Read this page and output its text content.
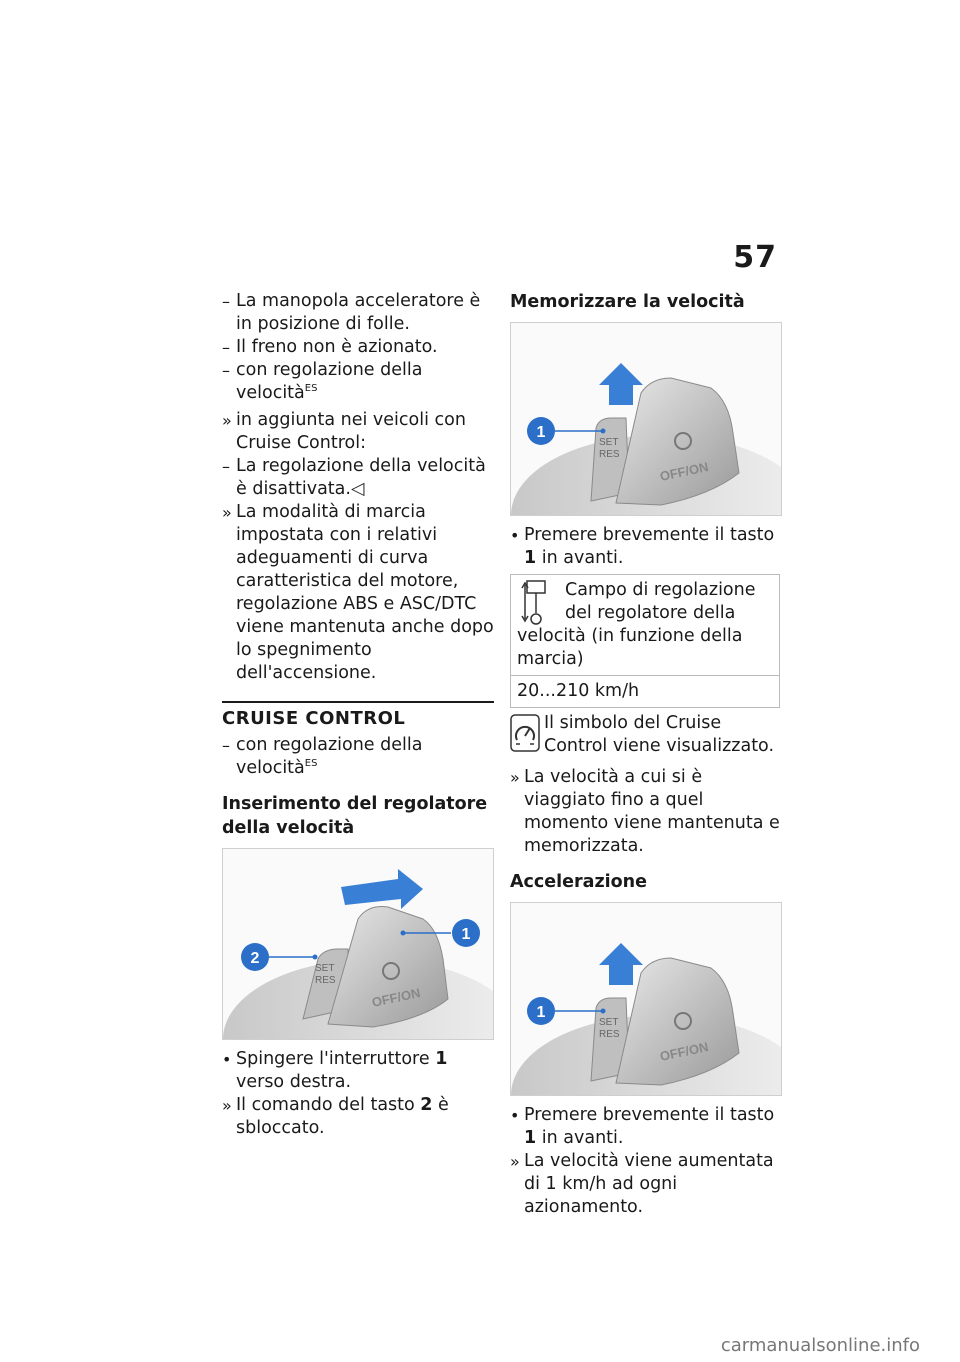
57
– La manopola acceleratore è in posizione di folle.
– Il freno non è azionato.
– con regolazione della velocità$^{ES}$
» in aggiunta nei veicoli con Cruise Control:
– La regolazione della velocità è disattivata.◁
» La modalità di marcia impostata con i relativi adeguamenti di curva caratteristica del motore, regolazione ABS e ASC/DTC viene mantenuta anche dopo lo spegnimento dell'accensione.
CRUISE CONTROL
– con regolazione della velocità$^{ES}$
Inserimento del regolatore della velocità
SET
RES
OFF/ON
1
2
• Spingere l'interruttore 1 verso destra.
» Il comando del tasto 2 è sbloccato.
Memorizzare la velocità
SET
RES
OFF/ON
1
• Premere brevemente il tasto 1 in avanti.
Campo di regolazione del regolatore della velocità (in funzione della marcia)
20...210 km/h
Il simbolo del Cruise Control viene visualizzato.
» La velocità a cui si è viaggiato fino a quel momento viene mantenuta e memorizzata.
Accelerazione
SET
RES
OFF/ON
1
• Premere brevemente il tasto 1 in avanti.
» La velocità viene aumentata di 1 km/h ad ogni azionamento.
carmanualsonline.info
